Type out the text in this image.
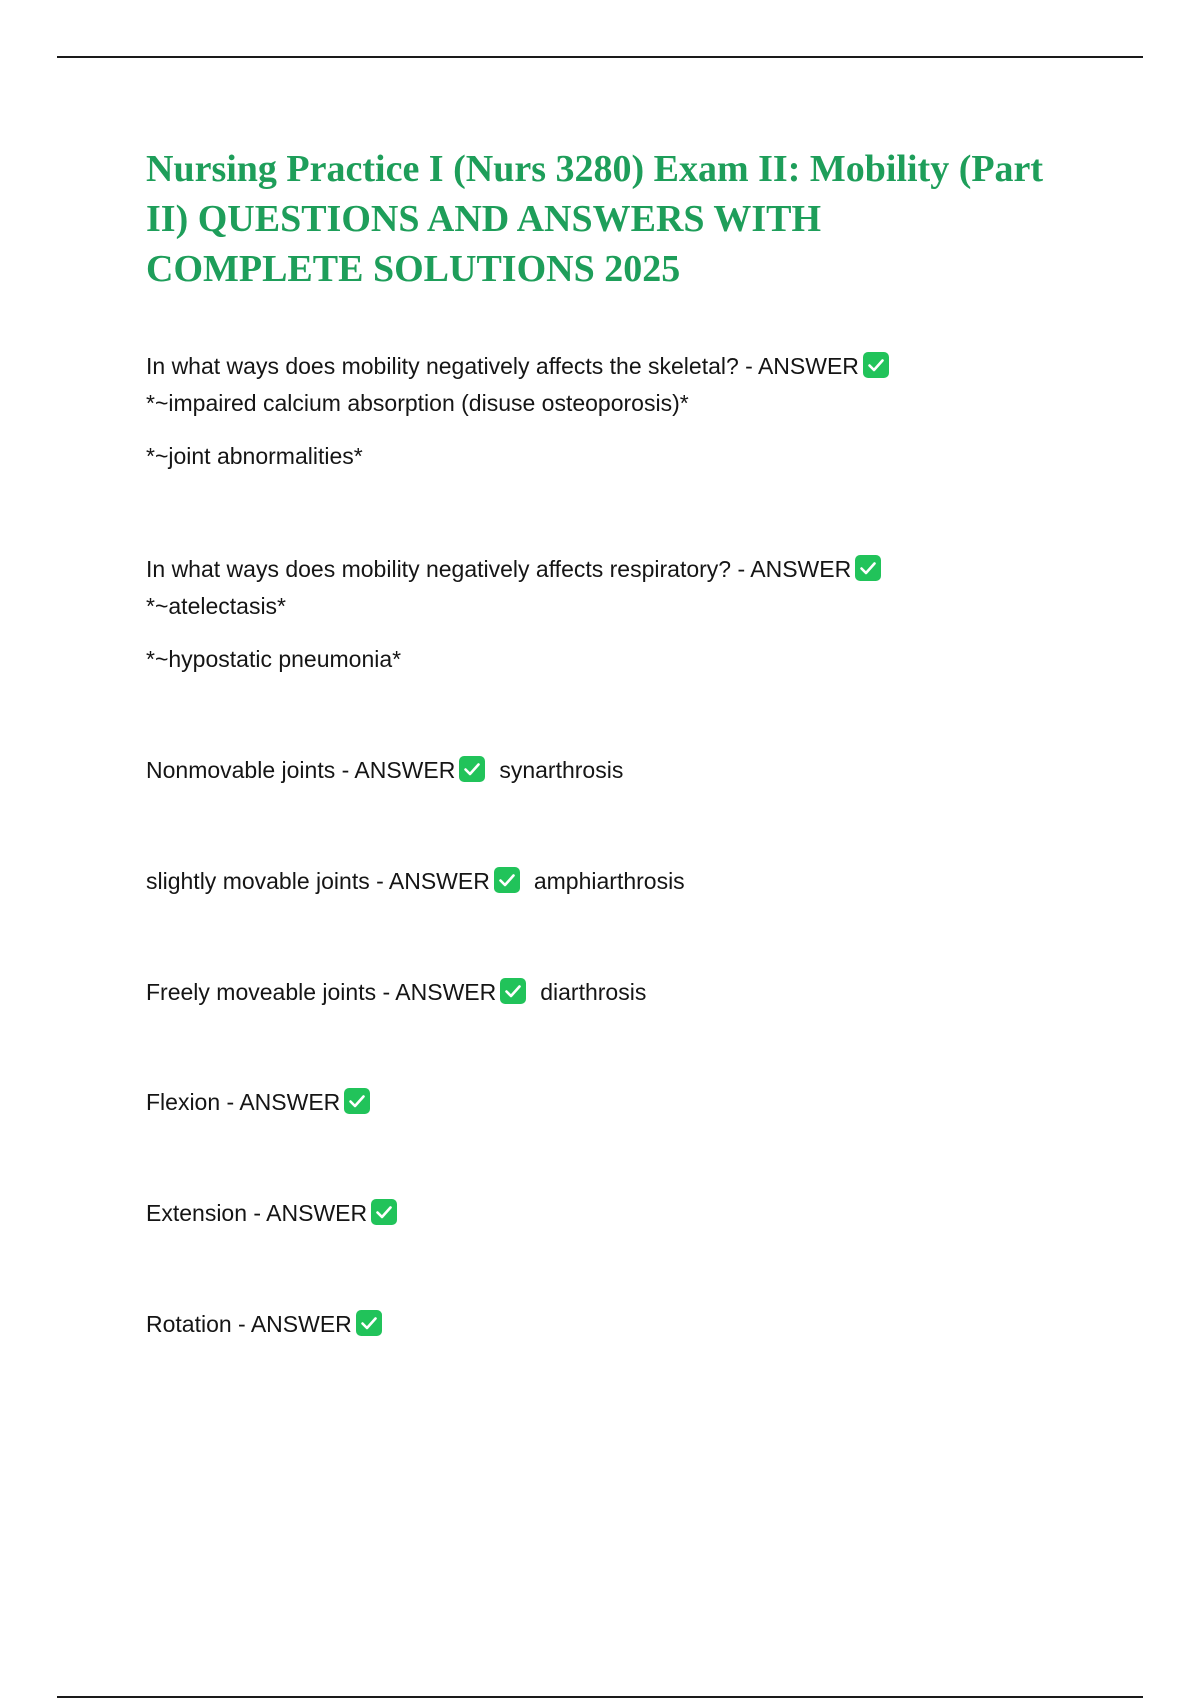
Nursing Practice I (Nurs 3280) Exam II: Mobility (Part II) QUESTIONS AND ANSWERS WITH COMPLETE SOLUTIONS 2025
In what ways does mobility negatively affects the skeletal? - ANSWER
*~impaired calcium absorption (disuse osteoporosis)*
*~joint abnormalities*
In what ways does mobility negatively affects respiratory? - ANSWER
*~atelectasis*
*~hypostatic pneumonia*
Nonmovable joints - ANSWER synarthrosis
slightly movable joints - ANSWER amphiarthrosis
Freely moveable joints - ANSWER diarthrosis
Flexion - ANSWER
Extension - ANSWER
Rotation - ANSWER
